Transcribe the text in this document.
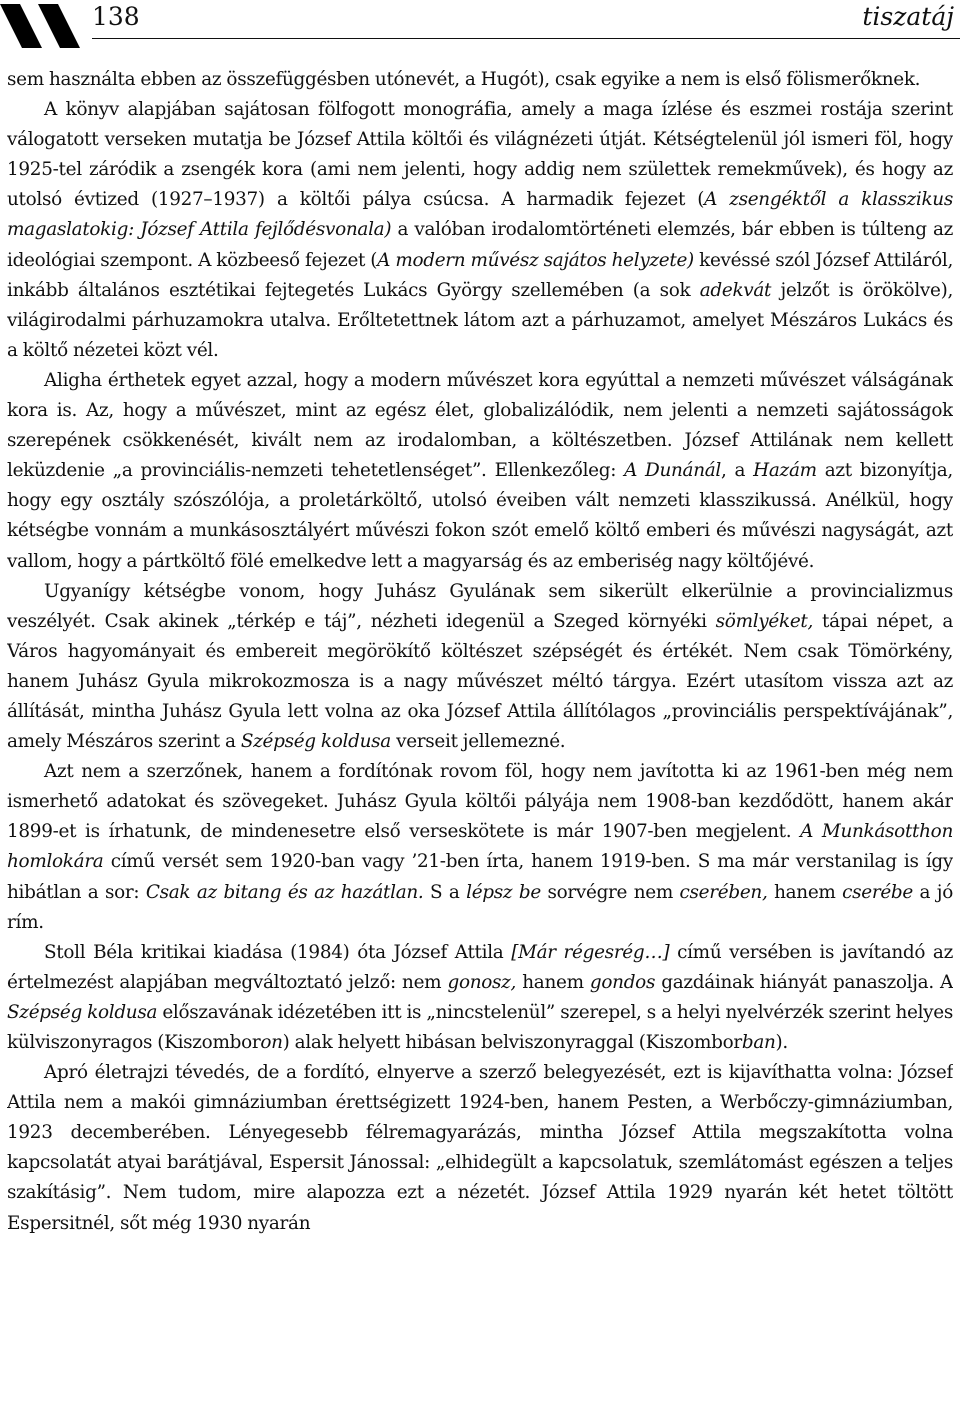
138	tiszatáj

sem használta ebben az összefüggésben utónevét, a Hugót), csak egyike a nem is első fölismerőknek.

A könyv alapjában sajátosan fölfogott monográfia, amely a maga ízlése és eszmei rostája szerint válogatott verseken mutatja be József Attila költői és világnézeti útját. Kétségtelenül jól ismeri föl, hogy 1925-tel záródik a zsengék kora (ami nem jelenti, hogy addig nem születtek remekművek), és hogy az utolsó évtized (1927–1937) a költői pálya csúcsa. A harmadik fejezet (A zsengéktől a klasszikus magaslatokig: József Attila fejlődésvonala) a valóban irodalomtörténeti elemzés, bár ebben is túlteng az ideológiai szempont. A közbeeső fejezet (A modern művész sajátos helyzete) kevéssé szól József Attiláról, inkább általános esztétikai fejtegetés Lukács György szellemében (a sok adekvát jelzőt is örökölve), világirodalmi párhuzamokra utalva. Erőltetettnek látom azt a párhuzamot, amelyet Mészáros Lukács és a költő nézetei közt vél.

Aligha érthetek egyet azzal, hogy a modern művészet kora egyúttal a nemzeti művészet válságának kora is. Az, hogy a művészet, mint az egész élet, globalizálódik, nem jelenti a nemzeti sajátosságok szerepének csökkenését, kivált nem az irodalomban, a költészetben. József Attilának nem kellett leküzdenie „a provinciális-nemzeti tehetetlenséget”. Ellenkezőleg: A Dunánál, a Hazám azt bizonyítja, hogy egy osztály szószólója, a proletárköltő, utolsó éveiben vált nemzeti klasszikussá. Anélkül, hogy kétségbe vonnám a munkásosztályért művészi fokon szót emelő költő emberi és művészi nagyságát, azt vallom, hogy a pártköltő fölé emelkedve lett a magyarság és az emberiség nagy költőjévé.

Ugyanígy kétségbe vonom, hogy Juhász Gyulának sem sikerült elkerülnie a provincializmus veszélyét. Csak akinek „térkép e táj”, nézheti idegenül a Szeged környéki sömlyéket, tápai népet, a Város hagyományait és embereit megörökítő költészet szépségét és értékét. Nem csak Tömörkény, hanem Juhász Gyula mikrokozmosza is a nagy művészet méltó tárgya. Ezért utasítom vissza azt az állítását, mintha Juhász Gyula lett volna az oka József Attila állítólagos „provinciális perspektívájának”, amely Mészáros szerint a Szépség koldusa verseit jellemezné.

Azt nem a szerzőnek, hanem a fordítónak rovom föl, hogy nem javította ki az 1961-ben még nem ismerhető adatokat és szövegeket. Juhász Gyula költői pályája nem 1908-ban kezdődött, hanem akár 1899-et is írhatunk, de mindenesetre első verseskötete is már 1907-ben megjelent. A Munkásotthon homlokára című versét sem 1920-ban vagy ’21-ben írta, hanem 1919-ben. S ma már verstanilag is így hibátlan a sor: Csak az bitang és az hazátlan. S a lépsz be sorvégre nem cserében, hanem cserébe a jó rím.

Stoll Béla kritikai kiadása (1984) óta József Attila [Már régesrég…] című versében is javítandó az értelmezést alapjában megváltoztató jelző: nem gonosz, hanem gondos gazdáinak hiányát panaszolja. A Szépség koldusa előszavának idézetében itt is „nincstelenül” szerepel, s a helyi nyelvérzék szerint helyes külviszonyragos (Kiszomboron) alak helyett hibásan belviszonyraggal (Kiszomborban).

Apró életrajzi tévedés, de a fordító, elnyerve a szerző belegyezését, ezt is kijavíthatta volna: József Attila nem a makói gimnáziumban érettségizett 1924-ben, hanem Pesten, a Werbőczy-gimnáziumban, 1923 decemberében. Lényegesebb félremagyarázás, mintha József Attila megszakította volna kapcsolatát atyai barátjával, Espersit Jánossal: „elhidegült a kapcsolatuk, szemlátomást egészen a teljes szakításig”. Nem tudom, mire alapozza ezt a nézetét. József Attila 1929 nyarán két hetet töltött Espersitnél, sőt még 1930 nyarán
